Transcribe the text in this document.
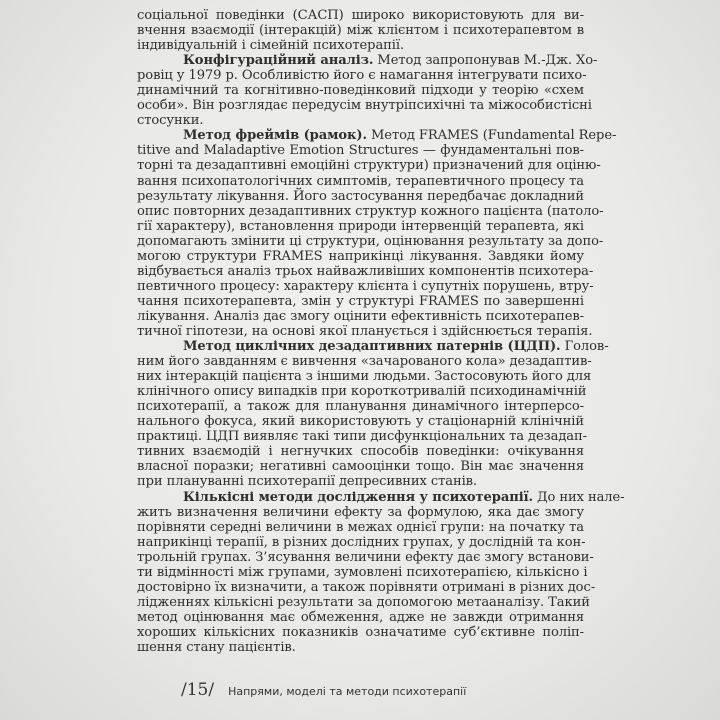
соціальної поведінки (САСП) широко використовують для ви-
вчення взаємодії (інтеракцій) між клієнтом і психотерапевтом в
індивідуальній і сімейній психотерапії.
Конфігураційний аналіз. Метод запропонував М.-Дж. Хо-
ровіц у 1979 р. Особливістю його є намагання інтегрувати психо-
динамічний та когнітивно-поведінковий підходи у теорію «схем
особи». Він розглядає передусім внутріпсихічні та міжособистісні
стосунки.
Метод фреймів (рамок). Метод FRAMES (Fundamental Repe-
titive and Maladaptive Emotion Structures — фундаментальні пов-
торні та дезадаптивні емоційні структури) призначений для оціню-
вання психопатологічних симптомів, терапевтичного процесу та
результату лікування. Його застосування передбачає докладний
опис повторних дезадаптивних структур кожного пацієнта (патоло-
гії характеру), встановлення природи інтервенцій терапевта, які
допомагають змінити ці структури, оцінювання результату за допо-
могою структури FRAMES наприкінці лікування. Завдяки йому
відбувається аналіз трьох найважливіших компонентів психотера-
певтичного процесу: характеру клієнта і супутніх порушень, втру-
чання психотерапевта, змін у структурі FRAMES по завершенні
лікування. Аналіз дає змогу оцінити ефективність психотерапев-
тичної гіпотези, на основі якої планується і здійснюється терапія.
Метод циклічних дезадаптивних патернів (ЦДП). Голов-
ним його завданням є вивчення «зачарованого кола» дезадаптив-
них інтеракцій пацієнта з іншими людьми. Застосовують його для
клінічного опису випадків при короткотривалій психодинамічній
психотерапії, а також для планування динамічного інтерперсо-
нального фокуса, який використовують у стаціонарній клінічній
практиці. ЦДП виявляє такі типи дисфункціональних та дезадап-
тивних взаємодій і негнучких способів поведінки: очікування
власної поразки; негативні самооцінки тощо. Він має значення
при плануванні психотерапії депресивних станів.
Кількісні методи дослідження у психотерапії. До них нале-
жить визначення величини ефекту за формулою, яка дає змогу
порівняти середні величини в межах однієї групи: на початку та
наприкінці терапії, в різних дослідних групах, у дослідній та кон-
трольній групах. З’ясування величини ефекту дає змогу встанови-
ти відмінності між групами, зумовлені психотерапією, кількісно і
достовірно їх визначити, а також порівняти отримані в різних дос-
лідженнях кількісні результати за допомогою метааналізу. Такий
метод оцінювання має обмеження, адже не завжди отримання
хороших кількісних показників означатиме суб’єктивне поліп-
шення стану пацієнтів.
/15/ Напрями, моделі та методи психотерапії
